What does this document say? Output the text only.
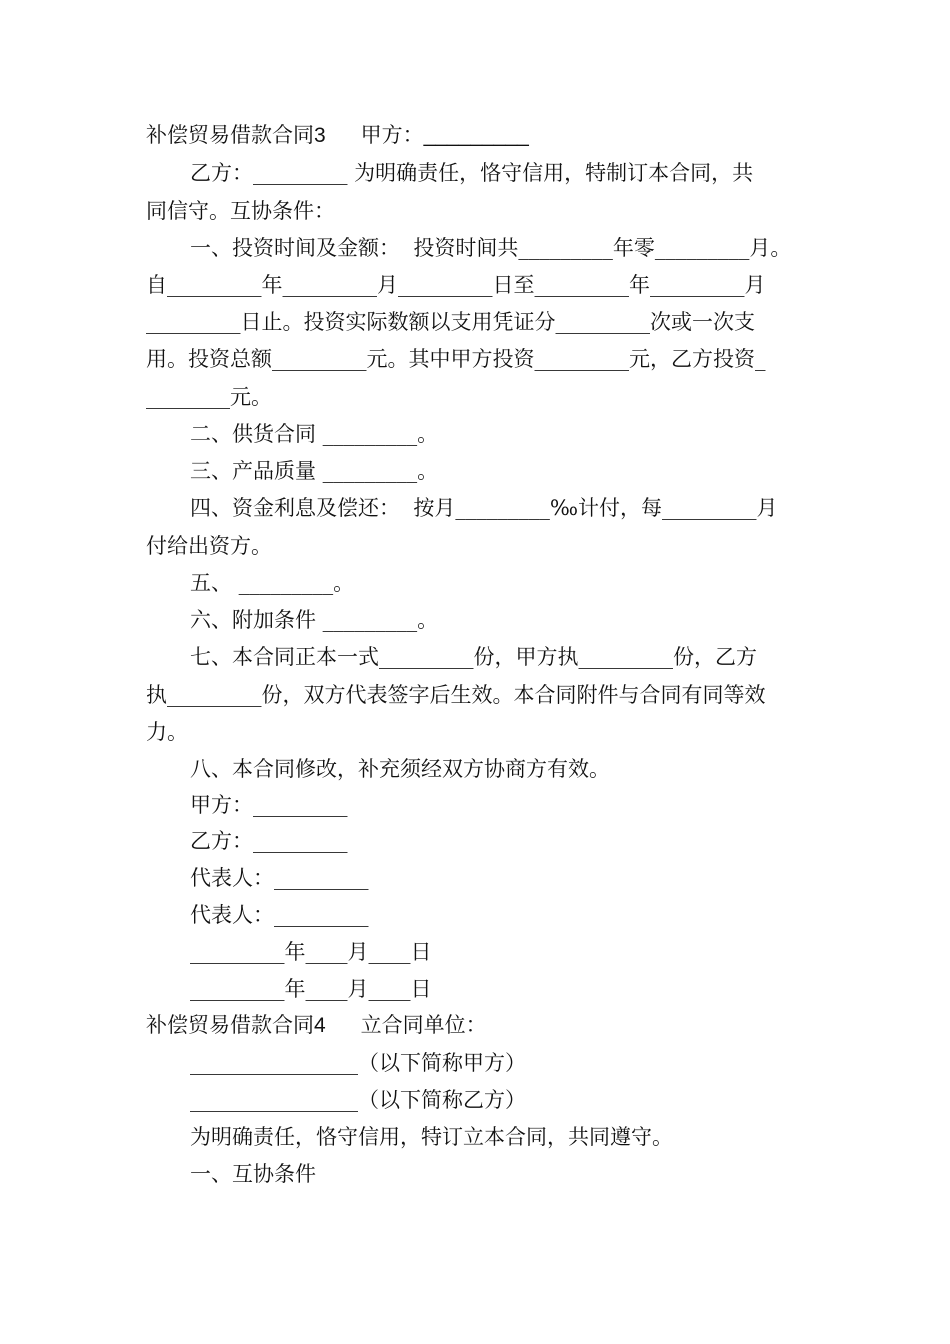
补偿贸易借款合同3      甲方：_________
乙方：_________ 为明确责任，恪守信用，特制订本合同，共
同信守。互协条件：
一、投资时间及金额：  投资时间共_________年零_________月。
自_________年_________月_________日至_________年_________月
_________日止。投资实际数额以支用凭证分_________次或一次支
用。投资总额_________元。其中甲方投资_________元，乙方投资_
________元。
二、供货合同 _________。
三、产品质量 _________。
四、资金利息及偿还：  按月_________‰计付，每_________月
付给出资方。
五、 _________。
六、附加条件 _________。
七、本合同正本一式_________份，甲方执_________份，乙方
执_________份，双方代表签字后生效。本合同附件与合同有同等效
力。
八、本合同修改，补充须经双方协商方有效。
甲方：_________
乙方：_________
代表人：_________
代表人：_________
_________年____月____日
_________年____月____日
补偿贸易借款合同4      立合同单位：
________________（以下简称甲方）
________________（以下简称乙方）
为明确责任，恪守信用，特订立本合同，共同遵守。
一、互协条件
